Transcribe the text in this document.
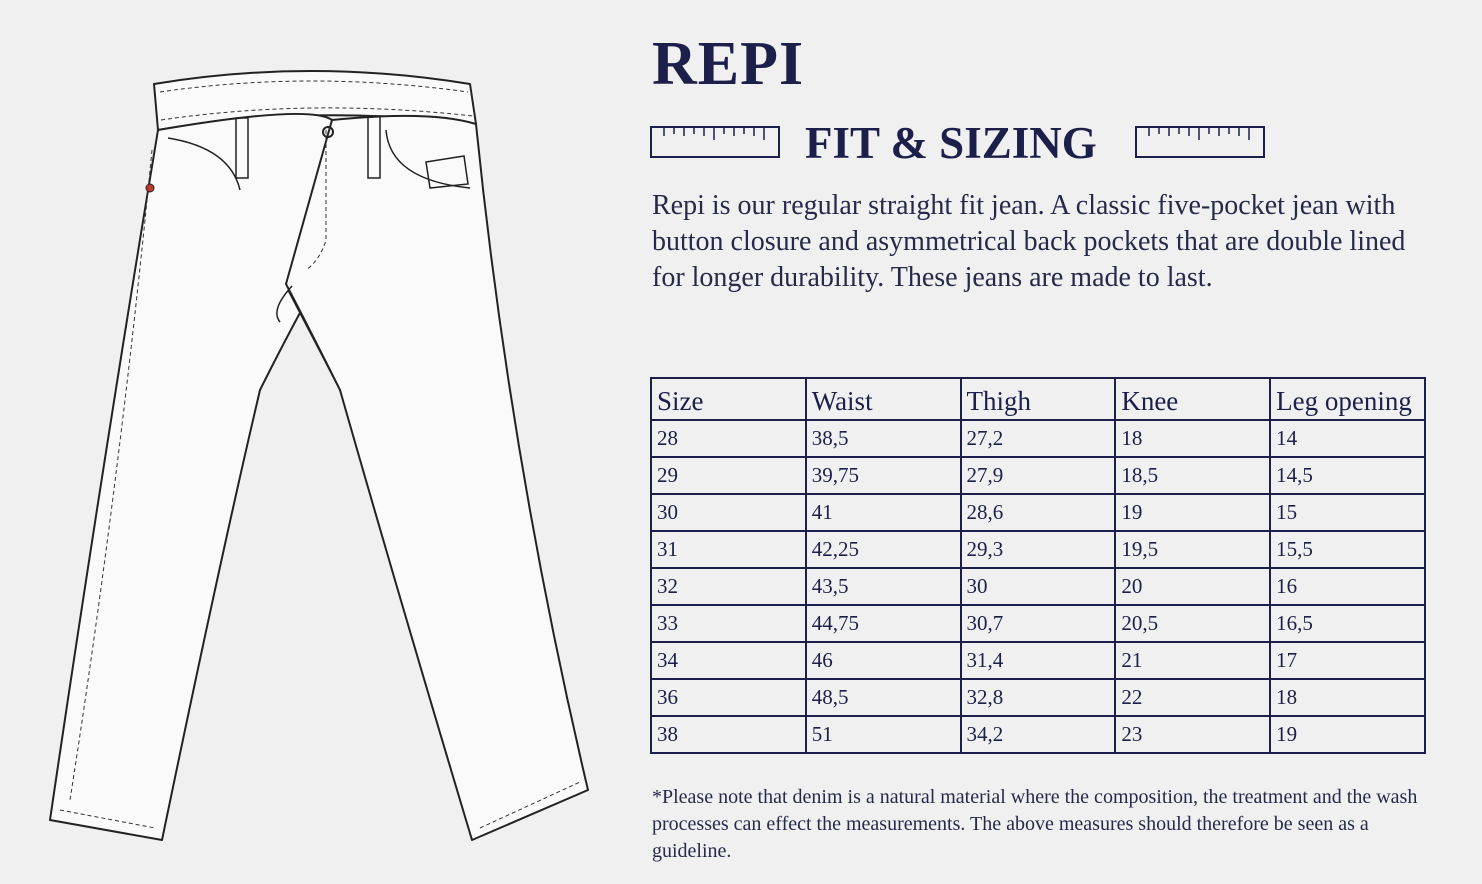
REPI
FIT & SIZING

Repi is our regular straight fit jean. A classic five-pocket jean with button closure and asymmetrical back pockets that are double lined for longer durability. These jeans are made to last.

Size	Waist	Thigh	Knee	Leg opening
28	38,5	27,2	18	14
29	39,75	27,9	18,5	14,5
30	41	28,6	19	15
31	42,25	29,3	19,5	15,5
32	43,5	30	20	16
33	44,75	30,7	20,5	16,5
34	46	31,4	21	17
36	48,5	32,8	22	18
38	51	34,2	23	19

*Please note that denim is a natural material where the composition, the treatment and the wash processes can effect the measurements. The above measures should therefore be seen as a guideline.
